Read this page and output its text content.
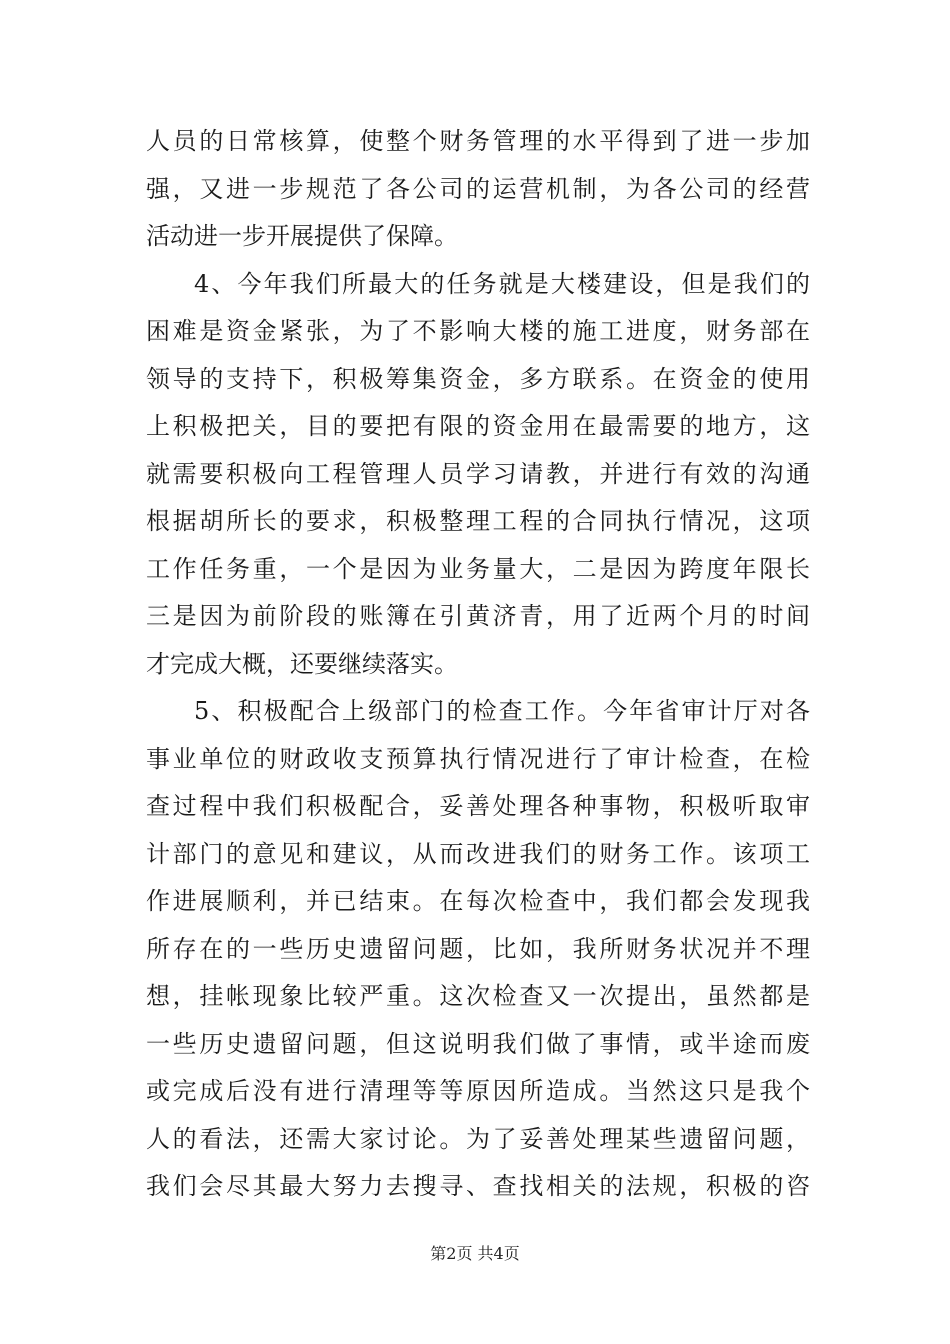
人员的日常核算，使整个财务管理的水平得到了进一步加
强，又进一步规范了各公司的运营机制，为各公司的经营
活动进一步开展提供了保障。
4、今年我们所最大的任务就是大楼建设，但是我们的
困难是资金紧张，为了不影响大楼的施工进度，财务部在
领导的支持下，积极筹集资金，多方联系。在资金的使用
上积极把关，目的要把有限的资金用在最需要的地方，这
就需要积极向工程管理人员学习请教，并进行有效的沟通
根据胡所长的要求，积极整理工程的合同执行情况，这项
工作任务重，一个是因为业务量大，二是因为跨度年限长
三是因为前阶段的账簿在引黄济青，用了近两个月的时间
才完成大概，还要继续落实。
5、积极配合上级部门的检查工作。今年省审计厅对各
事业单位的财政收支预算执行情况进行了审计检查，在检
查过程中我们积极配合，妥善处理各种事物，积极听取审
计部门的意见和建议，从而改进我们的财务工作。该项工
作进展顺利，并已结束。在每次检查中，我们都会发现我
所存在的一些历史遗留问题，比如，我所财务状况并不理
想，挂帐现象比较严重。这次检查又一次提出，虽然都是
一些历史遗留问题，但这说明我们做了事情，或半途而废
或完成后没有进行清理等等原因所造成。当然这只是我个
人的看法，还需大家讨论。为了妥善处理某些遗留问题，
我们会尽其最大努力去搜寻、查找相关的法规，积极的咨
第2页 共4页
